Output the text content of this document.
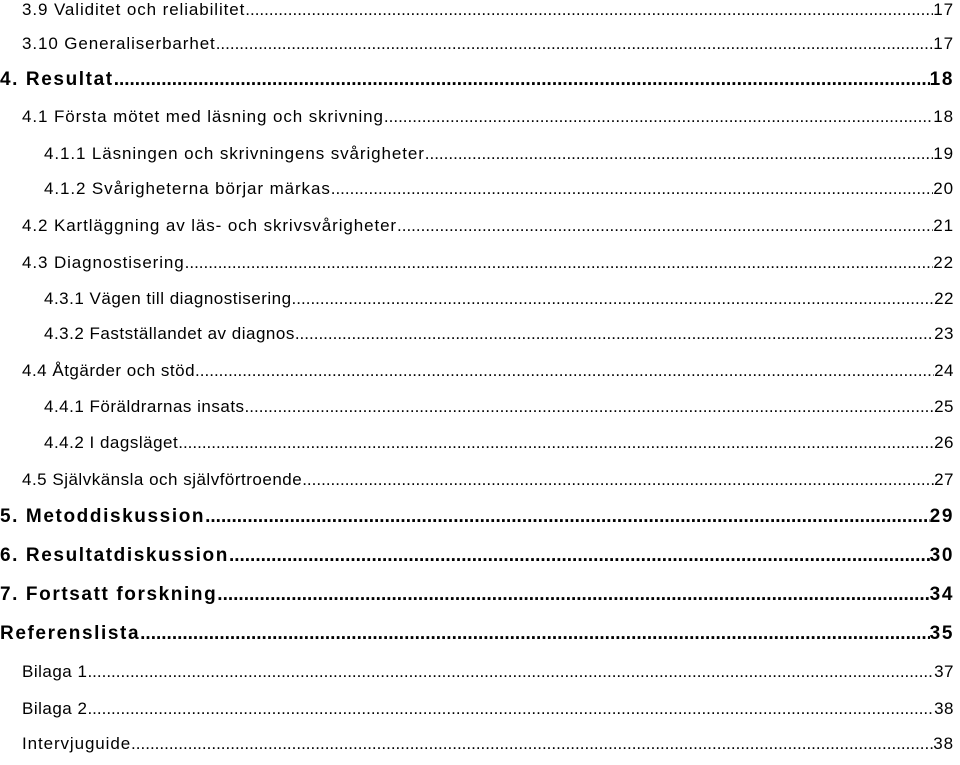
3.9 Validitet och reliabilitet .....	17
3.10 Generaliserbarhet .....	17
4. Resultat .....	18
4.1 Första mötet med läsning och skrivning .....	18
4.1.1 Läsningen och skrivningens svårigheter .....	19
4.1.2 Svårigheterna börjar märkas .....	20
4.2 Kartläggning av läs- och skrivsvårigheter .....	21
4.3 Diagnostisering .....	22
4.3.1 Vägen till diagnostisering .....	22
4.3.2 Fastställandet av diagnos .....	23
4.4 Åtgärder och stöd .....	24
4.4.1 Föräldrarnas insats .....	25
4.4.2 I dagsläget .....	26
4.5 Självkänsla och självförtroende .....	27
5. Metoddiskussion .....	29
6. Resultatdiskussion .....	30
7. Fortsatt forskning .....	34
Referenslista .....	35
Bilaga 1 .....	37
Bilaga 2 .....	38
Intervjuguide .....	38
